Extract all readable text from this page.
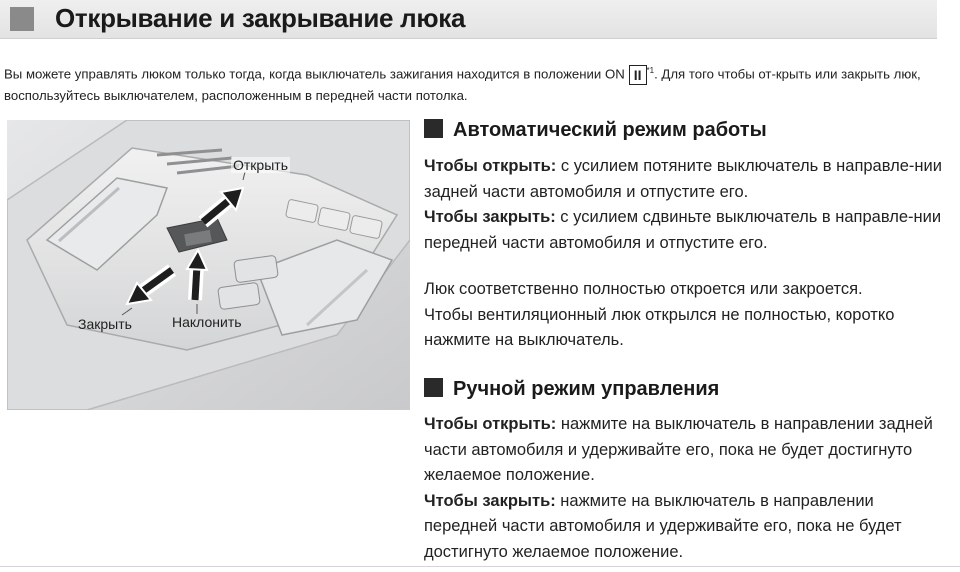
Открывание и закрывание люка
Вы можете управлять люком только тогда, когда выключатель зажигания находится в положении ON II $^{*1}$. Для того чтобы от-крыть или закрыть люк, воспользуйтесь выключателем, расположенным в передней части потолка.
Открыть
Закрыть	Наклонить
Автоматический режим работы
Чтобы открыть: с усилием потяните выключатель в направле-нии задней части автомобиля и отпустите его.
Чтобы закрыть: с усилием сдвиньте выключатель в направле-нии передней части автомобиля и отпустите его.
Люк соответственно полностью откроется или закроется.
Чтобы вентиляционный люк открылся не полностью, коротко нажмите на выключатель.
Ручной режим управления
Чтобы открыть: нажмите на выключатель в направлении задней части автомобиля и удерживайте его, пока не будет достигнуто желаемое положение.
Чтобы закрыть: нажмите на выключатель в направлении передней части автомобиля и удерживайте его, пока не будет достигнуто желаемое положение.
